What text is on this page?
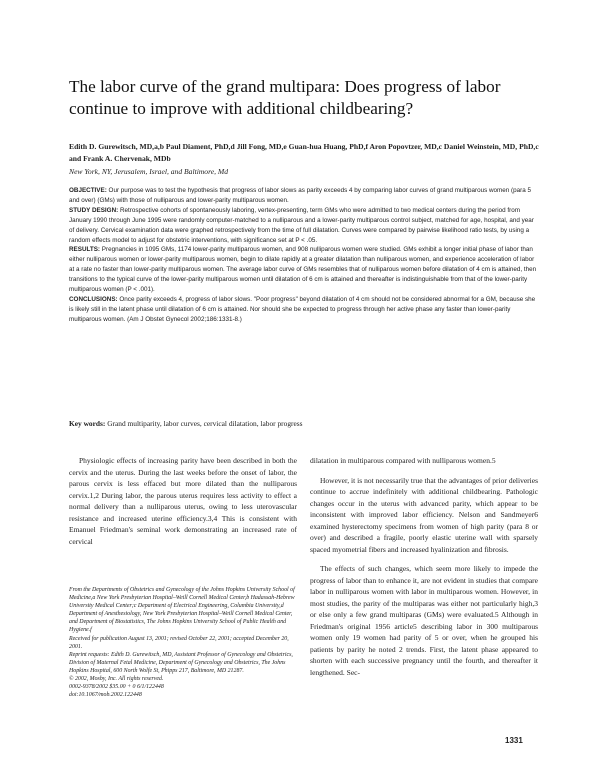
The labor curve of the grand multipara: Does progress of labor continue to improve with additional childbearing?
Edith D. Gurewitsch, MD,a,b Paul Diament, PhD,d Jill Fong, MD,e Guan-hua Huang, PhD,f Aron Popovtzer, MD,c Daniel Weinstein, MD, PhD,c and Frank A. Chervenak, MDb
New York, NY, Jerusalem, Israel, and Baltimore, Md

OBJECTIVE: Our purpose was to test the hypothesis that progress of labor slows as parity exceeds 4 by comparing labor curves of grand multiparous women (para 5 and over) (GMs) with those of nulliparous and lower-parity multiparous women.

STUDY DESIGN: Retrospective cohorts of spontaneously laboring, vertex-presenting, term GMs who were admitted to two medical centers during the period from January 1990 through June 1995 were randomly computer-matched to a nulliparous and a lower-parity multiparous control subject, matched for age, hospital, and year of delivery. Cervical examination data were graphed retrospectively from the time of full dilatation. Curves were compared by pairwise likelihood ratio tests, by using a random effects model to adjust for obstetric interventions, with significance set at P < .05.

RESULTS: Pregnancies in 1095 GMs, 1174 lower-parity multiparous women, and 908 nulliparous women were studied. GMs exhibit a longer initial phase of labor than either nulliparous women or lower-parity multiparous women, begin to dilate rapidly at a greater dilatation than nulliparous women, and experience acceleration of labor at a rate no faster than lower-parity multiparous women. The average labor curve of GMs resembles that of nulliparous women before dilatation of 4 cm is attained, then transitions to the typical curve of the lower-parity multiparous women until dilatation of 6 cm is attained and thereafter is indistinguishable from that of the lower-parity multiparous women (P < .001).

CONCLUSIONS: Once parity exceeds 4, progress of labor slows. "Poor progress" beyond dilatation of 4 cm should not be considered abnormal for a GM, because she is likely still in the latent phase until dilatation of 6 cm is attained. Nor should she be expected to progress through her active phase any faster than lower-parity multiparous women. (Am J Obstet Gynecol 2002;186:1331-8.)

Key words: Grand multiparity, labor curves, cervical dilatation, labor progress

Physiologic effects of increasing parity have been described in both the cervix and the uterus. During the last weeks before the onset of labor, the parous cervix is less effaced but more dilated than the nulliparous cervix.1,2 During labor, the parous uterus requires less activity to effect a normal delivery than a nulliparous uterus, owing to less uterovascular resistance and increased uterine efficiency.3,4 This is consistent with Emanuel Friedman's seminal work demonstrating an increased rate of cervical

dilatation in multiparous compared with nulliparous women.5

However, it is not necessarily true that the advantages of prior deliveries continue to accrue indefinitely with additional childbearing. Pathologic changes occur in the uterus with advanced parity, which appear to be inconsistent with improved labor efficiency. Nelson and Sandmeyer6 examined hysterectomy specimens from women of high parity (para 8 or over) and described a fragile, poorly elastic uterine wall with sparsely spaced myometrial fibers and increased hyalinization and fibrosis.

The effects of such changes, which seem more likely to impede the progress of labor than to enhance it, are not evident in studies that compare labor in nulliparous women with labor in multiparous women. However, in most studies, the parity of the multiparas was either not particularly high,3 or else only a few grand multiparas (GMs) were evaluated.5 Although in Friedman's original 1956 article5 describing labor in 300 multiparous women only 19 women had parity of 5 or over, when he grouped his patients by parity he noted 2 trends. First, the latent phase appeared to shorten with each successive pregnancy until the fourth, and thereafter it lengthened. Sec-

From the Departments of Obstetrics and Gynecology of the Johns Hopkins University School of Medicine,a New York Presbyterian Hospital–Weill Cornell Medical Center,b Hadassah-Hebrew University Medical Center;c Department of Electrical Engineering, Columbia University,d Department of Anesthesiology, New York Presbyterian Hospital–Weill Cornell Medical Center, and Department of Biostatistics, The Johns Hopkins University School of Public Health and Hygiene.f

Received for publication August 13, 2001; revised October 22, 2001; accepted December 20, 2001.

Reprint requests: Edith D. Gurewitsch, MD, Assistant Professor of Gynecology and Obstetrics, Division of Maternal Fetal Medicine, Department of Gynecology and Obstetrics, The Johns Hopkins Hospital, 600 North Wolfe St, Phipps 217, Baltimore, MD 21287.

© 2002, Mosby, Inc. All rights reserved.

0002-9378/2002 $35.00 + 0 6/1/122448

doi:10.1067/mob.2002.122448

1331
